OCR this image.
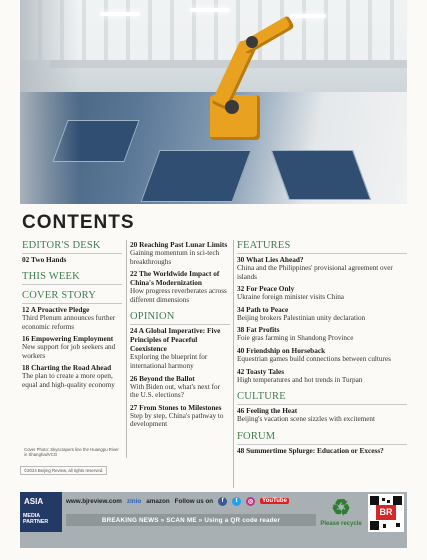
CONTENTS
EDITOR'S DESK
02 Two Hands
THIS WEEK
COVER STORY
12 A Proactive Pledge
Third Plenum announces further economic reforms
16 Empowering Employment
New support for job seekers and workers
18 Charting the Road Ahead
The plan to create a more open, equal and high-quality economy
Cover Photo: Skyscrapers line the Huangpu River in Shanghai/VCG
©2024 Beijing Review, all rights reserved.
20 Reaching Past Lunar Limits
Gaining momentum in sci-tech breakthroughs
22 The Worldwide Impact of China's Modernization
How progress reverberates across different dimensions
OPINION
24 A Global Imperative: Five Principles of Peaceful Coexistence
Exploring the blueprint for international harmony
26 Beyond the Ballot
With Biden out, what's next for the U.S. elections?
27 From Stones to Milestones
Step by step, China's pathway to development
FEATURES
30 What Lies Ahead?
China and the Philippines' provisional agreement over islands
32 For Peace Only
Ukraine foreign minister visits China
34 Path to Peace
Beijing brokers Palestinian unity declaration
38 Fat Profits
Foie gras farming in Shandong Province
40 Friendship on Horseback
Equestrian games build connections between cultures
42 Toasty Tales
High temperatures and hot trends in Turpan
CULTURE
46 Feeling the Heat
Beijing's vacation scene sizzles with excitement
FORUM
48 Summertime Splurge: Education or Excess?
ASIA
MEDIA PARTNER
www.bjreview.com zinio amazon Follow us on	f	t	◎	YouTube
BREAKING NEWS » SCAN ME » Using a QR code reader	♻
Please recycle
BR
